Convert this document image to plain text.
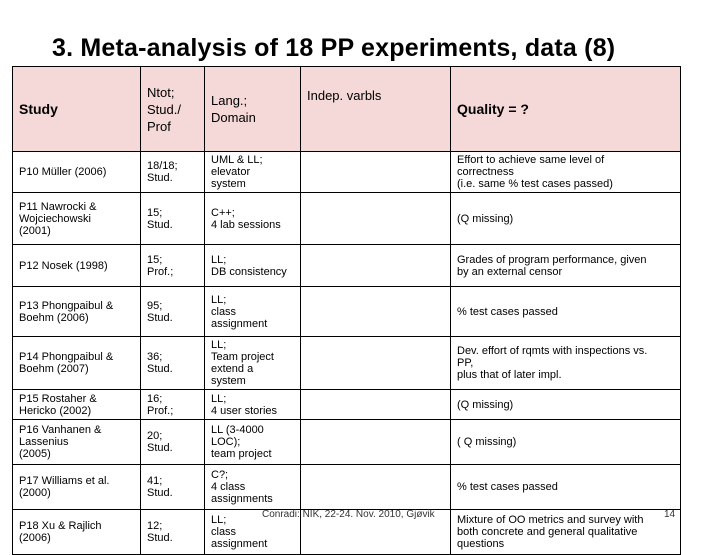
3. Meta-analysis of 18 PP experiments, data (8)
Study	Ntot;
Stud./
Prof	Lang.;
Domain	Indep. varbls	Quality = ?

P10 Müller (2006)	18/18;
Stud.	UML & LL;
elevator
system		Effort to achieve same level of
correctness
(i.e. same % test cases passed)

P11 Nawrocki &
Wojciechowski
(2001)	15;
Stud.	C++;
4 lab sessions		(Q missing)

P12 Nosek (1998)	15;
Prof.;	LL;
DB consistency		Grades of program performance, given
by an external censor

P13 Phongpaibul &
Boehm (2006)	95;
Stud.	LL;
class
assignment		% test cases passed

P14 Phongpaibul &
Boehm (2007)	36;
Stud.	LL;
Team project
extend a
system		Dev. effort of rqmts with inspections vs.
PP,
plus that of later impl.

P15 Rostaher &
Hericko (2002)	16;
Prof.;	LL;
4 user stories		(Q missing)

P16 Vanhanen &
Lassenius
(2005)	20;
Stud.	LL (3-4000
LOC);
team project		( Q missing)

P17 Williams et al.
(2000)	41;
Stud.	C?;
4 class
assignments		% test cases passed

P18 Xu & Rajlich
(2006)	12;
Stud.	LL;
class
assignment		Mixture of OO metrics and survey with
both concrete and general qualitative
questions
Conradi: NIK, 22-24. Nov. 2010, Gjøvik	14
